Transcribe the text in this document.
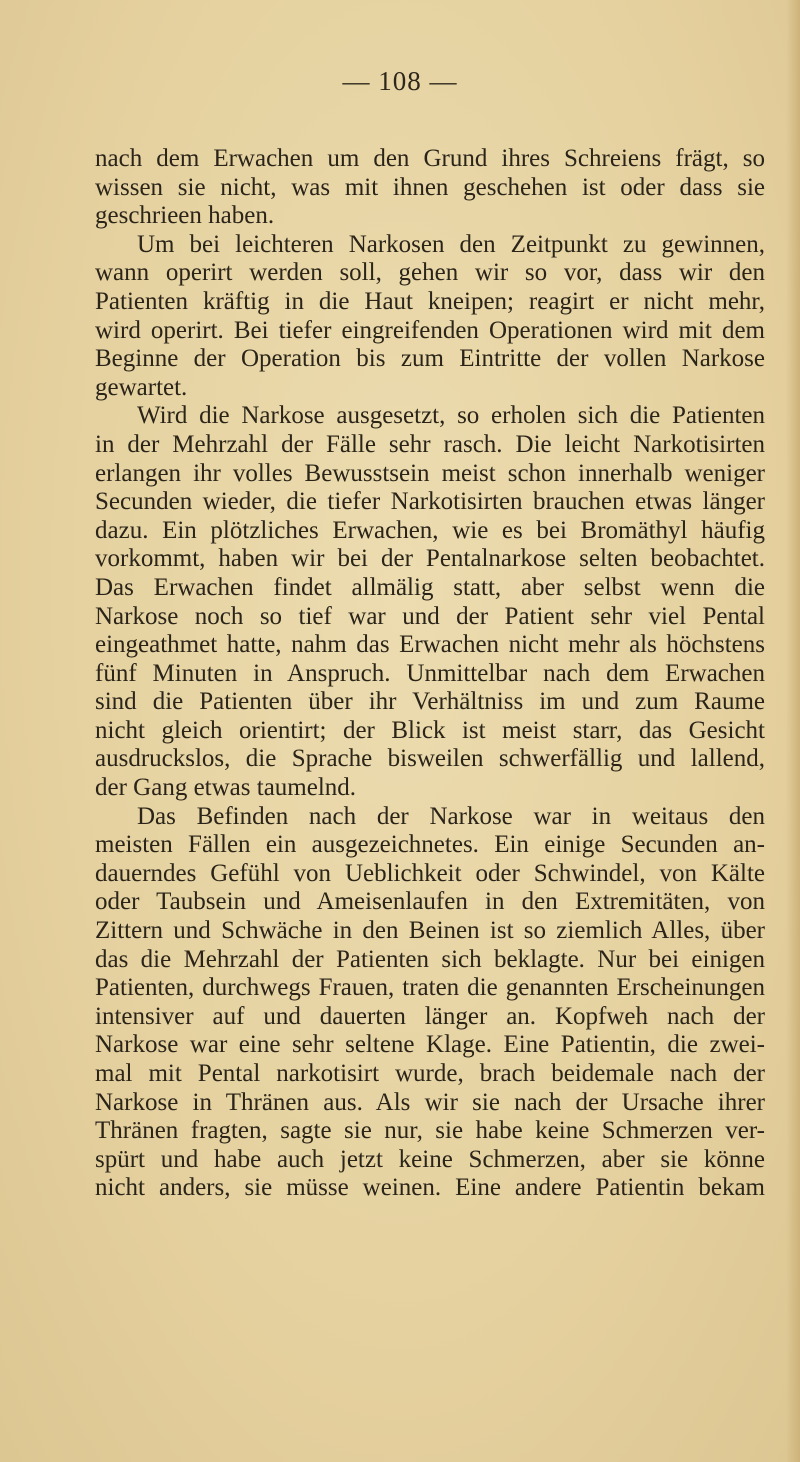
— 108 —
nach dem Erwachen um den Grund ihres Schreiens frägt, so
wissen sie nicht, was mit ihnen geschehen ist oder dass sie
geschrieen haben.
Um bei leichteren Narkosen den Zeitpunkt zu gewinnen,
wann operirt werden soll, gehen wir so vor, dass wir den
Patienten kräftig in die Haut kneipen; reagirt er nicht mehr,
wird operirt. Bei tiefer eingreifenden Operationen wird mit dem
Beginne der Operation bis zum Eintritte der vollen Narkose
gewartet.
Wird die Narkose ausgesetzt, so erholen sich die Patienten
in der Mehrzahl der Fälle sehr rasch. Die leicht Narkotisirten
erlangen ihr volles Bewusstsein meist schon innerhalb weniger
Secunden wieder, die tiefer Narkotisirten brauchen etwas länger
dazu. Ein plötzliches Erwachen, wie es bei Bromäthyl häufig
vorkommt, haben wir bei der Pentalnarkose selten beobachtet.
Das Erwachen findet allmälig statt, aber selbst wenn die
Narkose noch so tief war und der Patient sehr viel Pental
eingeathmet hatte, nahm das Erwachen nicht mehr als höchstens
fünf Minuten in Anspruch. Unmittelbar nach dem Erwachen
sind die Patienten über ihr Verhältniss im und zum Raume
nicht gleich orientirt; der Blick ist meist starr, das Gesicht
ausdruckslos, die Sprache bisweilen schwerfällig und lallend,
der Gang etwas taumelnd.
Das Befinden nach der Narkose war in weitaus den
meisten Fällen ein ausgezeichnetes. Ein einige Secunden an-
dauerndes Gefühl von Ueblichkeit oder Schwindel, von Kälte
oder Taubsein und Ameisenlaufen in den Extremitäten, von
Zittern und Schwäche in den Beinen ist so ziemlich Alles, über
das die Mehrzahl der Patienten sich beklagte. Nur bei einigen
Patienten, durchwegs Frauen, traten die genannten Erscheinungen
intensiver auf und dauerten länger an. Kopfweh nach der
Narkose war eine sehr seltene Klage. Eine Patientin, die zwei-
mal mit Pental narkotisirt wurde, brach beidemale nach der
Narkose in Thränen aus. Als wir sie nach der Ursache ihrer
Thränen fragten, sagte sie nur, sie habe keine Schmerzen ver-
spürt und habe auch jetzt keine Schmerzen, aber sie könne
nicht anders, sie müsse weinen. Eine andere Patientin bekam
